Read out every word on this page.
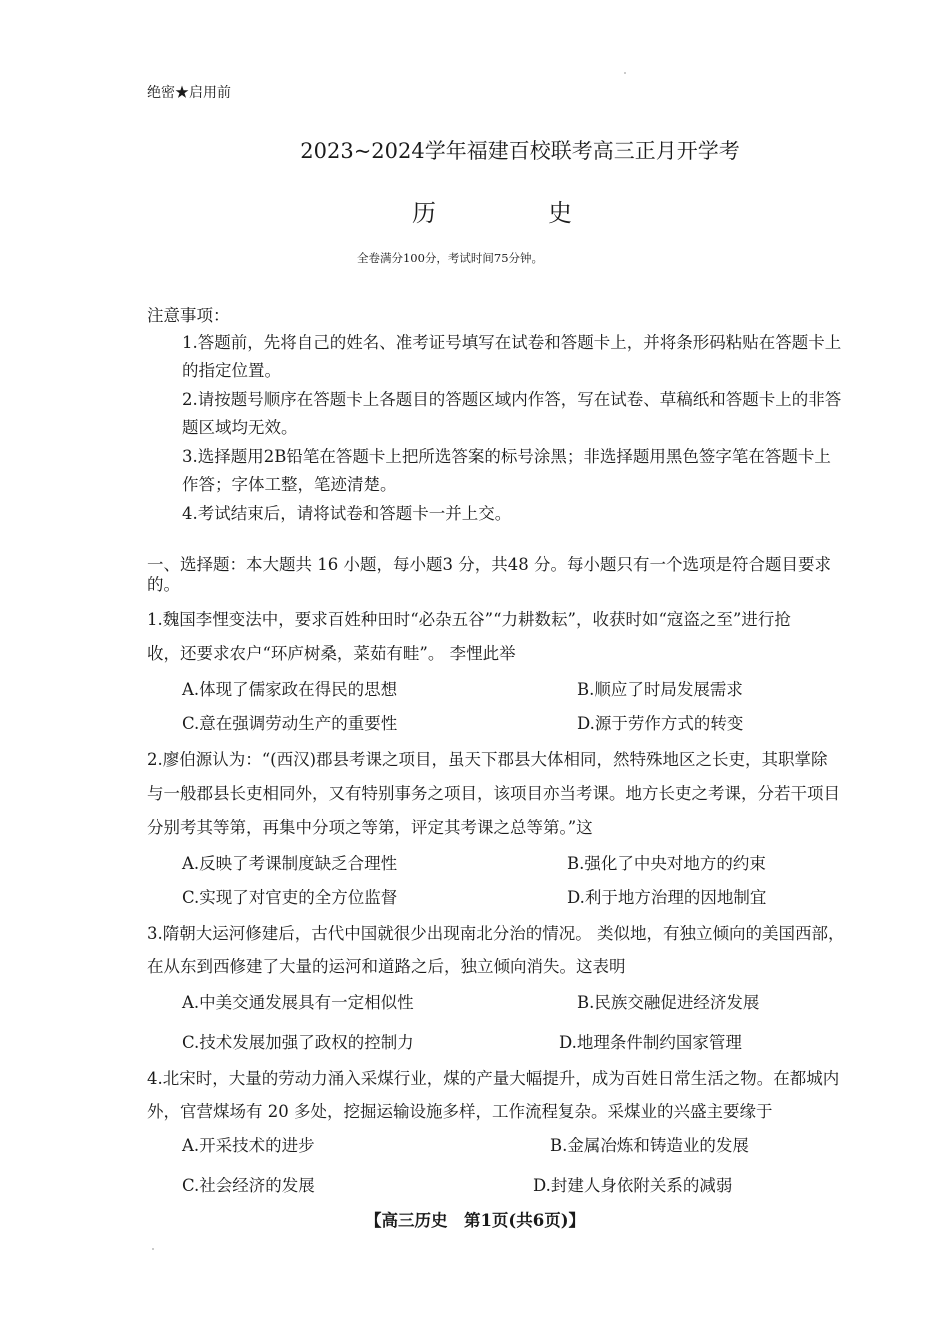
绝密★启用前
2023~2024学年福建百校联考高三正月开学考
历	史
全卷满分100分，考试时间75分钟。
注意事项：
1.答题前，先将自己的姓名、准考证号填写在试卷和答题卡上，并将条形码粘贴在答题卡上
的指定位置。
2.请按题号顺序在答题卡上各题目的答题区域内作答，写在试卷、草稿纸和答题卡上的非答
题区域均无效。
3.选择题用2B铅笔在答题卡上把所选答案的标号涂黑；非选择题用黑色签字笔在答题卡上
作答；字体工整，笔迹清楚。
4.考试结束后，请将试卷和答题卡一并上交。
一、选择题：本大题共 16 小题，每小题3 分，共48 分。每小题只有一个选项是符合题目要求
的。
1.魏国李悝变法中，要求百姓种田时“必杂五谷”“力耕数耘”，收获时如“寇盗之至”进行抢
收，还要求农户“环庐树桑，菜茹有畦”。 李悝此举
A.体现了儒家政在得民的思想	B.顺应了时局发展需求
C.意在强调劳动生产的重要性	D.源于劳作方式的转变
2.廖伯源认为：“(西汉)郡县考课之项目，虽天下郡县大体相同，然特殊地区之长吏，其职掌除
与一般郡县长吏相同外，又有特别事务之项目，该项目亦当考课。地方长吏之考课，分若干项目
分别考其等第，再集中分项之等第，评定其考课之总等第。”这
A.反映了考课制度缺乏合理性	B.强化了中央对地方的约束
C.实现了对官吏的全方位监督	D.利于地方治理的因地制宜
3.隋朝大运河修建后，古代中国就很少出现南北分治的情况。 类似地，有独立倾向的美国西部，
在从东到西修建了大量的运河和道路之后，独立倾向消失。这表明
A.中美交通发展具有一定相似性	B.民族交融促进经济发展
C.技术发展加强了政权的控制力	D.地理条件制约国家管理
4.北宋时，大量的劳动力涌入采煤行业，煤的产量大幅提升，成为百姓日常生活之物。在都城内
外，官营煤场有 20 多处，挖掘运输设施多样，工作流程复杂。采煤业的兴盛主要缘于
A.开采技术的进步	B.金属冶炼和铸造业的发展
C.社会经济的发展	D.封建人身依附关系的减弱
【高三历史　第1页(共6页)】
